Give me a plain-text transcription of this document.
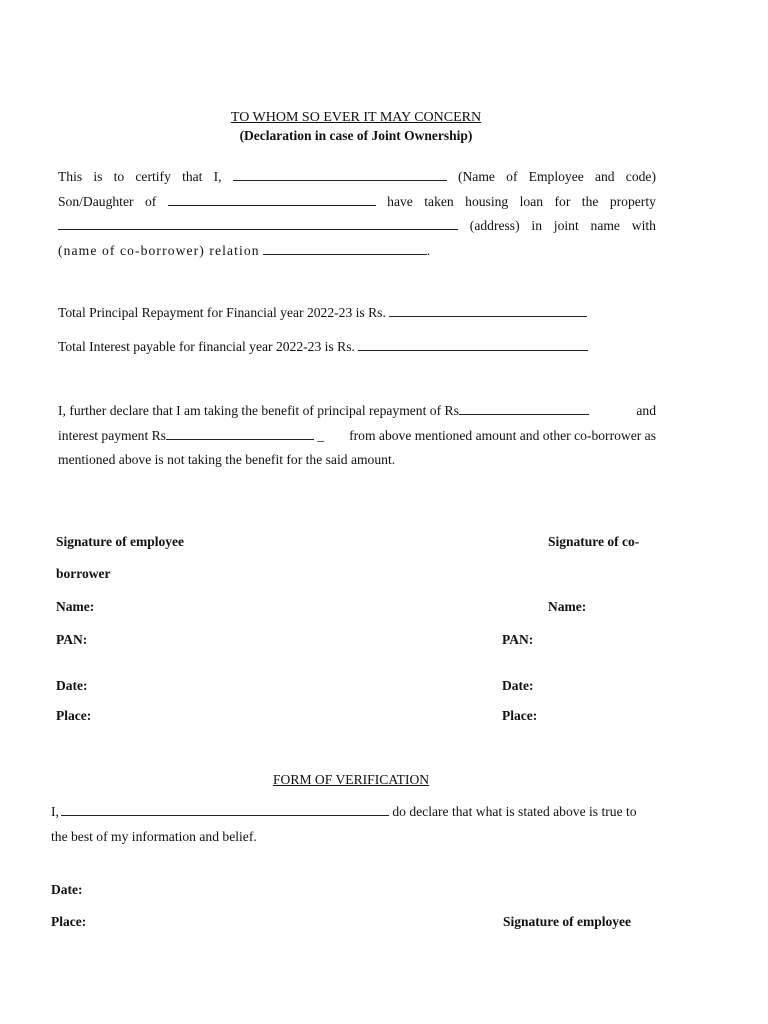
TO WHOM SO EVER IT MAY CONCERN
(Declaration in case of Joint Ownership)
This is to certify that I,	(Name of Employee and code)
Son/Daughter of	have taken housing loan for the property
(address) in joint name with
(name of co-borrower) relation	.
Total Principal Repayment for Financial year 2022-23 is Rs.
Total Interest payable for financial year 2022-23 is Rs.
I, further declare that I am taking the benefit of principal repayment of Rs	and
interest payment Rs	_ from above mentioned amount and other co-borrower as
mentioned above is not taking the benefit for the said amount.
Signature of employee	Signature of co-
borrower
Name:	Name:
PAN:	PAN:
Date:	Date:
Place:	Place:
FORM OF VERIFICATION
I,	do declare that what is stated above is true to
the best of my information and belief.
Date:
Place:	Signature of employee
